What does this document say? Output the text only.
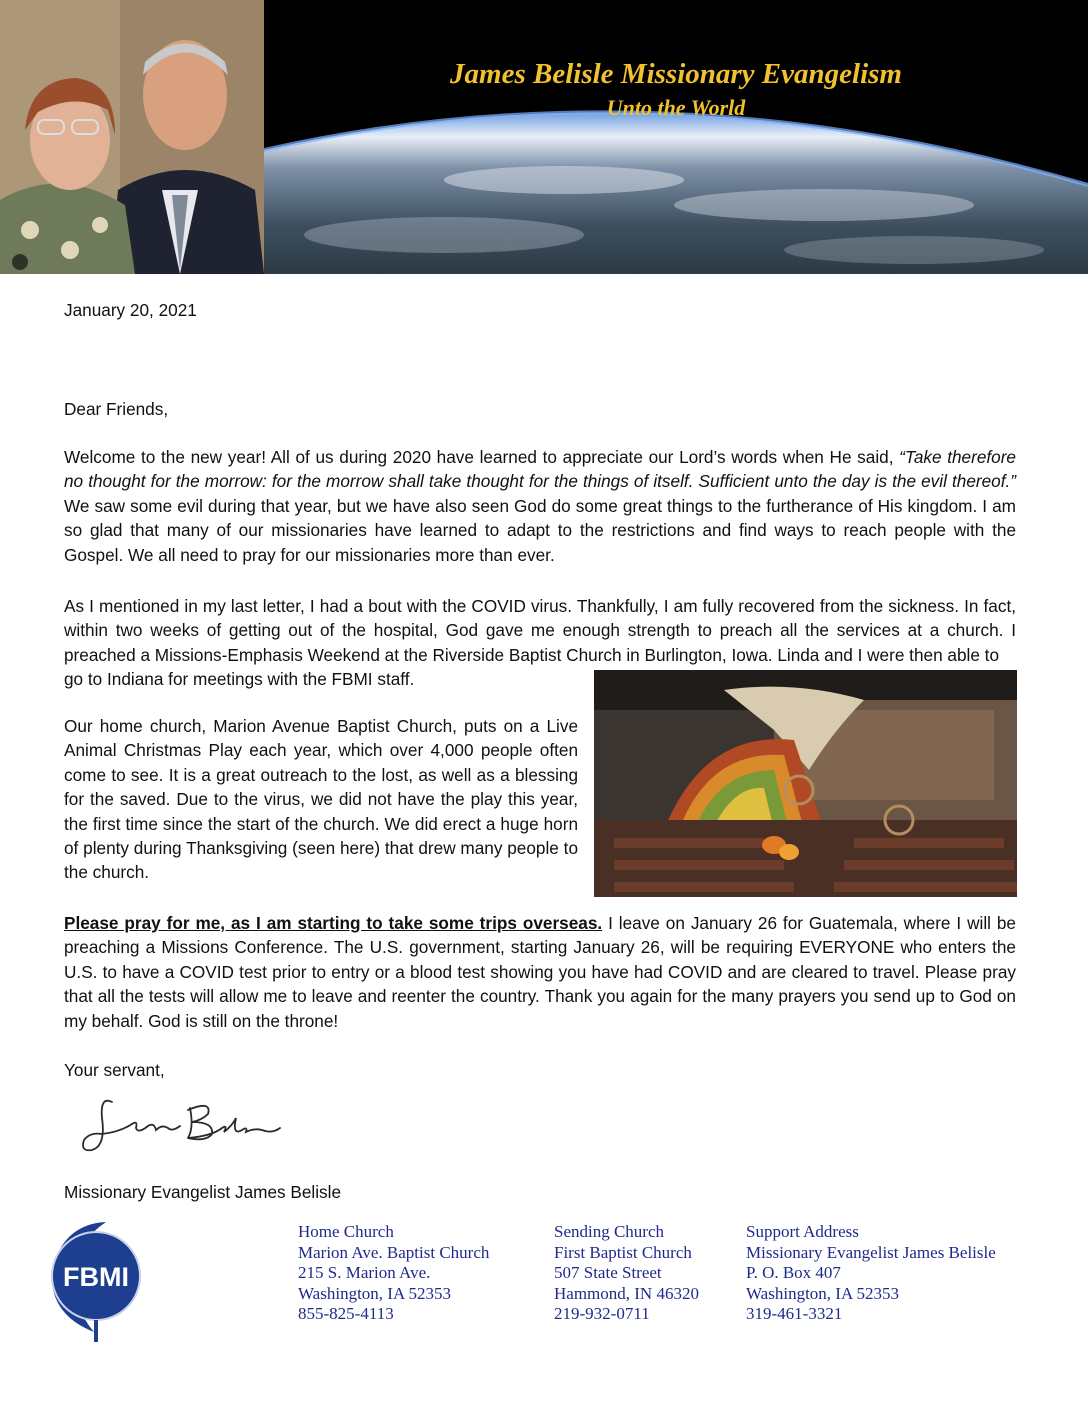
James Belisle Missionary Evangelism
Unto the World
January 20, 2021
Dear Friends,
Welcome to the new year! All of us during 2020 have learned to appreciate our Lord’s words when He said, “Take therefore no thought for the morrow: for the morrow shall take thought for the things of itself. Sufficient unto the day is the evil thereof.” We saw some evil during that year, but we have also seen God do some great things to the furtherance of His kingdom. I am so glad that many of our missionaries have learned to adapt to the restrictions and find ways to reach people with the Gospel. We all need to pray for our missionaries more than ever.
As I mentioned in my last letter, I had a bout with the COVID virus. Thankfully, I am fully recovered from the sickness. In fact, within two weeks of getting out of the hospital, God gave me enough strength to preach all the services at a church. I preached a Missions-Emphasis Weekend at the Riverside Baptist Church in Burlington, Iowa. Linda and I were then able to
go to Indiana for meetings with the FBMI staff.
Our home church, Marion Avenue Baptist Church, puts on a Live Animal Christmas Play each year, which over 4,000 people often come to see. It is a great outreach to the lost, as well as a blessing for the saved. Due to the virus, we did not have the play this year, the first time since the start of the church. We did erect a huge horn of plenty during Thanksgiving (seen here) that drew many people to the church.
Please pray for me, as I am starting to take some trips overseas. I leave on January 26 for Guatemala, where I will be preaching a Missions Conference. The U.S. government, starting January 26, will be requiring EVERYONE who enters the U.S. to have a COVID test prior to entry or a blood test showing you have had COVID and are cleared to travel. Please pray that all the tests will allow me to leave and reenter the country. Thank you again for the many prayers you send up to God on my behalf. God is still on the throne!
Your servant,
Missionary Evangelist James Belisle
FBMI
Home Church
Marion Ave. Baptist Church
215 S. Marion Ave.
Washington, IA 52353
855-825-4113
Sending Church
First Baptist Church
507 State Street
Hammond, IN 46320
219-932-0711
Support Address
Missionary Evangelist James Belisle
P. O. Box 407
Washington, IA 52353
319-461-3321
